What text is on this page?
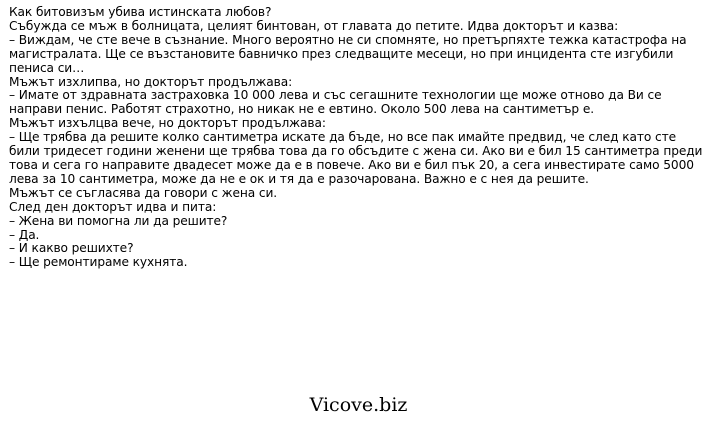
Как битовизъм убива истинската любов?
Събужда се мъж в болницата, целият бинтован, от главата до петите. Идва докторът и казва:
– Виждам, че сте вече в съзнание. Много вероятно не си спомняте, но претърпяхте тежка катастрофа на магистралата. Ще се възстановите бавничко през следващите месеци, но при инцидента сте изгубили пениса си…
Мъжът изхлипва, но докторът продължава:
– Имате от здравната застраховка 10 000 лева и със сегашните технологии ще може отново да Ви се направи пенис. Работят страхотно, но никак не е евтино. Около 500 лева на сантиметър е.
Мъжът изхълцва вече, но докторът продължава:
– Ще трябва да решите колко сантиметра искате да бъде, но все пак имайте предвид, че след като сте били тридесет години женени ще трябва това да го обсъдите с жена си. Ако ви е бил 15 сантиметра преди това и сега го направите двадесет може да е в повече. Ако ви е бил пък 20, а сега инвестирате само 5000 лева за 10 сантиметра, може да не е ок и тя да е разочарована. Важно е с нея да решите.
Мъжът се съгласява да говори с жена си.
След ден докторът идва и пита:
– Жена ви помогна ли да решите?
– Да.
– И какво решихте?
– Ще ремонтираме кухнята.
Vicove.biz
